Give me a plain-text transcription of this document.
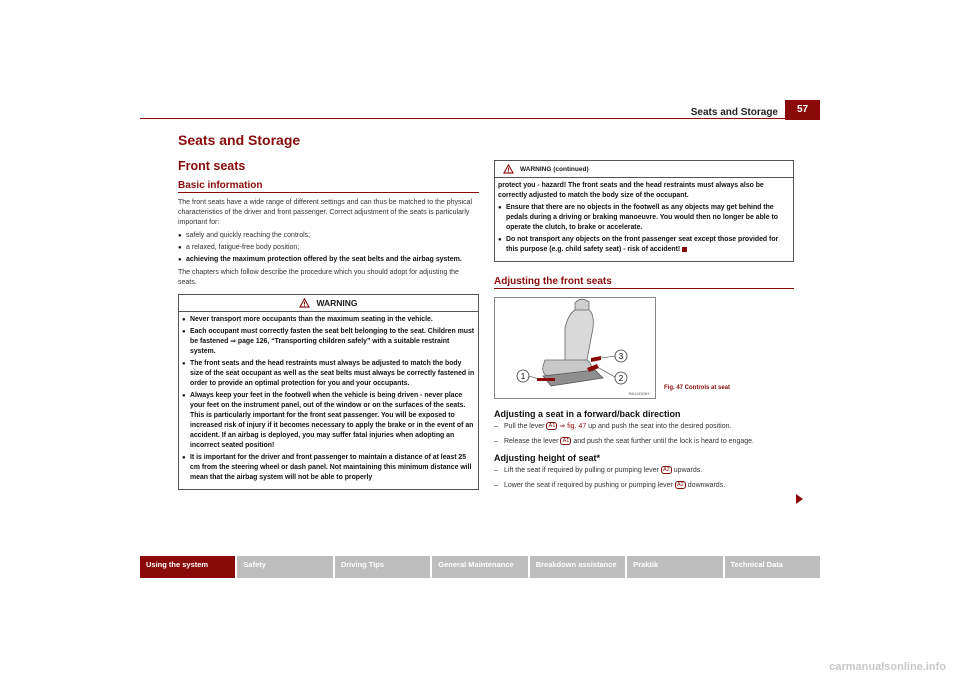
Seats and Storage	57
Seats and Storage
Front seats
Basic information

The front seats have a wide range of different settings and can thus be matched to the physical characteristics of the driver and front passenger. Correct adjustment of the seats is particularly important for:

● safely and quickly reaching the controls;
● a relaxed, fatigue-free body position;
● achieving the maximum protection offered by the seat belts and the airbag system.

The chapters which follow describe the procedure which you should adopt for adjusting the seats.

WARNING
● Never transport more occupants than the maximum seating in the vehicle.
● Each occupant must correctly fasten the seat belt belonging to the seat. Children must be fastened ⇒ page 126, “Transporting children safely” with a suitable restraint system.
● The front seats and the head restraints must always be adjusted to match the body size of the seat occupant as well as the seat belts must always be correctly fastened in order to provide an optimal protection for you and your occupants.
● Always keep your feet in the footwell when the vehicle is being driven - never place your feet on the instrument panel, out of the window or on the surfaces of the seats. This is particularly important for the front seat passenger. You will be exposed to increased risk of injury if it becomes necessary to apply the brake or in the event of an accident. If an airbag is deployed, you may suffer fatal injuries when adopting an incorrect seated position!
● It is important for the driver and front passenger to maintain a distance of at least 25 cm from the steering wheel or dash panel. Not maintaining this minimum distance will mean that the airbag system will not be able to properly
WARNING (continued)

protect you - hazard! The front seats and the head restraints must always also be correctly adjusted to match the body size of the occupant.

● Ensure that there are no objects in the footwell as any objects may get behind the pedals during a driving or braking manoeuvre. You would then no longer be able to operate the clutch, to brake or accelerate.
● Do not transport any objects on the front passenger seat except those provided for this purpose (e.g. child safety seat) - risk of accident!
Adjusting the front seats
1	2
3
B5J-0003H
Fig. 47 Controls at seat
Adjusting a seat in a forward/back direction
– Pull the lever A1 ⇒ fig. 47 up and push the seat into the desired position.
– Release the lever A1 and push the seat further until the lock is heard to engage.
Adjusting height of seat*
– Lift the seat if required by pulling or pumping lever A2 upwards.
– Lower the seat if required by pushing or pumping lever A2 downwards.
Using the system	Safety	Driving Tips	General Maintenance	Breakdown assistance	Praktik	Technical Data
carmanualsonline.info
